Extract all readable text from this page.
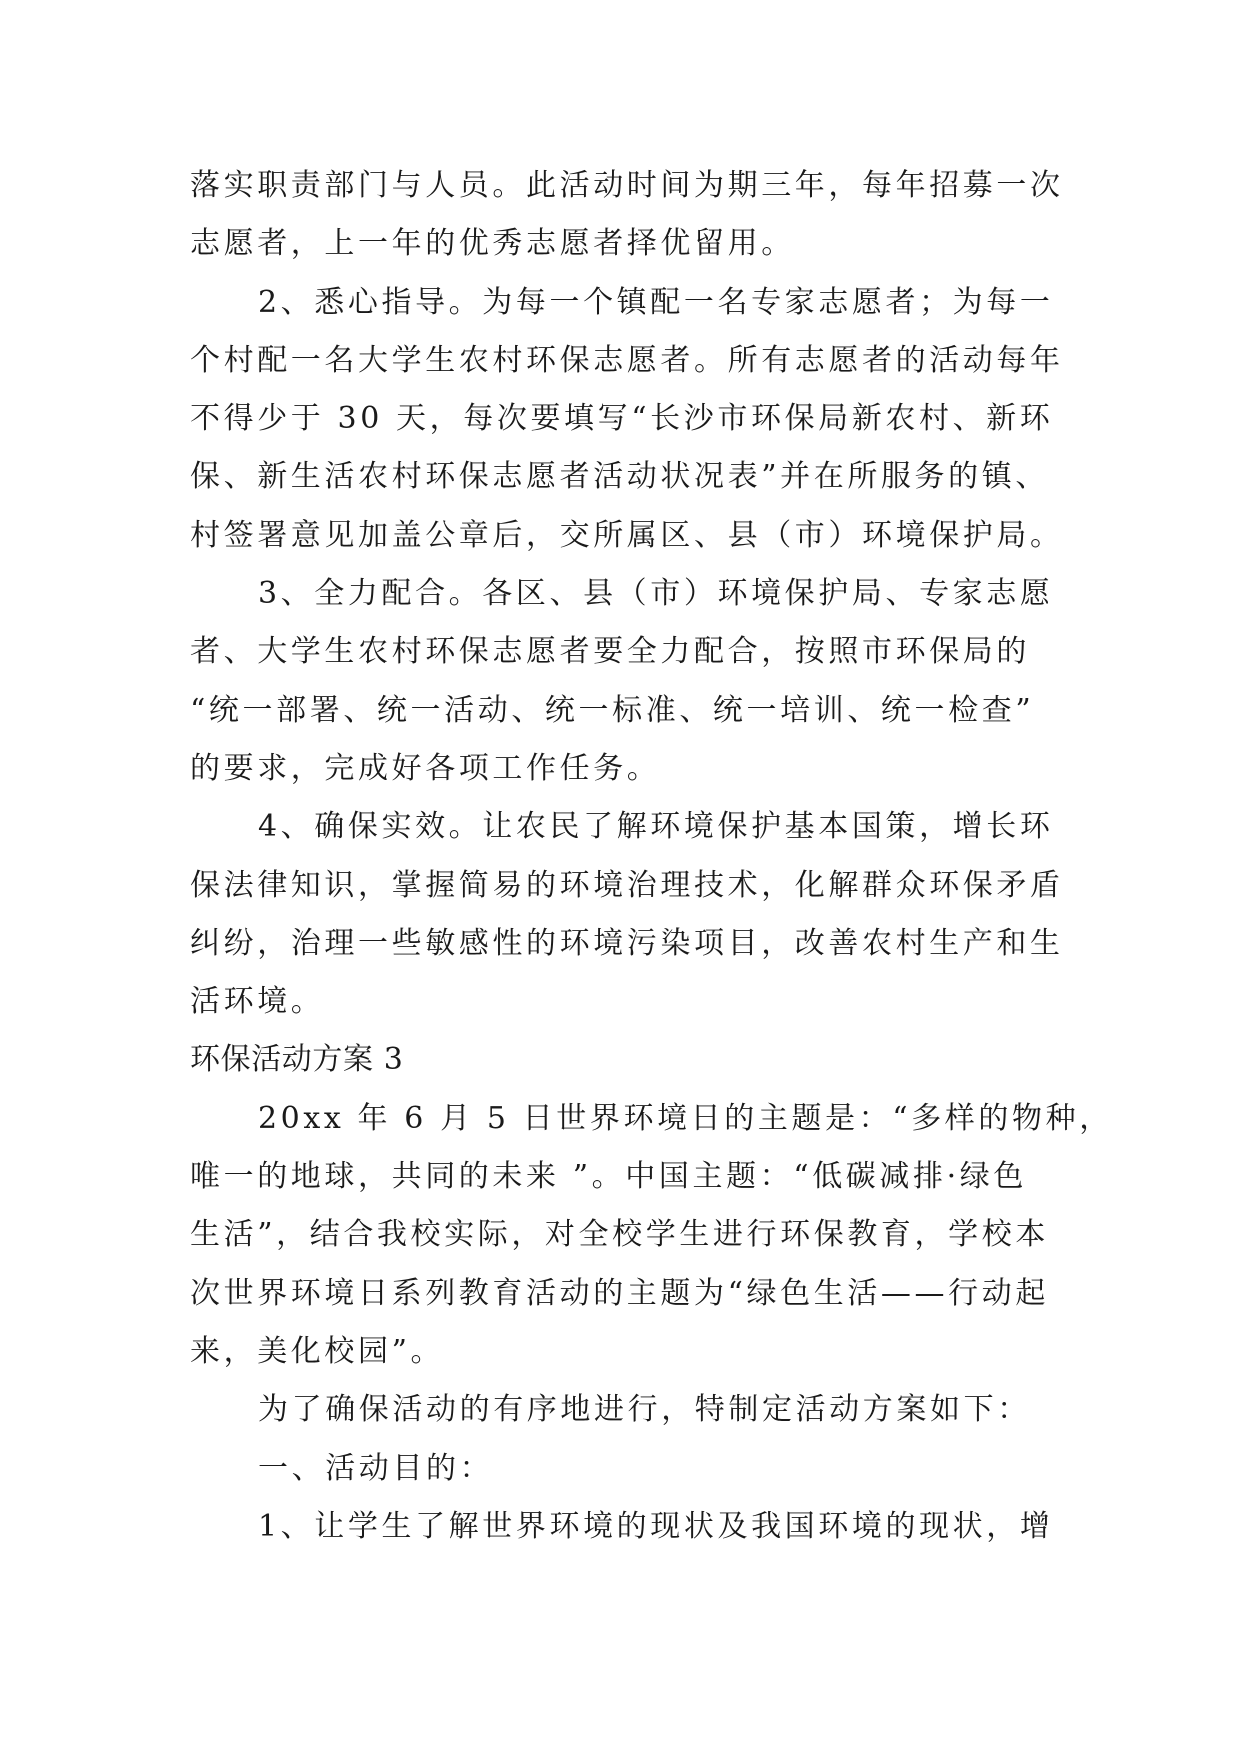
落实职责部门与人员。此活动时间为期三年，每年招募一次
志愿者，上一年的优秀志愿者择优留用。
2、悉心指导。为每一个镇配一名专家志愿者；为每一
个村配一名大学生农村环保志愿者。所有志愿者的活动每年
不得少于 30 天，每次要填写“长沙市环保局新农村、新环
保、新生活农村环保志愿者活动状况表”并在所服务的镇、
村签署意见加盖公章后，交所属区、县（市）环境保护局。
3、全力配合。各区、县（市）环境保护局、专家志愿
者、大学生农村环保志愿者要全力配合，按照市环保局的
“统一部署、统一活动、统一标准、统一培训、统一检查”
的要求，完成好各项工作任务。
4、确保实效。让农民了解环境保护基本国策，增长环
保法律知识，掌握简易的环境治理技术，化解群众环保矛盾
纠纷，治理一些敏感性的环境污染项目，改善农村生产和生
活环境。
环保活动方案 3
20xx 年 6 月 5 日世界环境日的主题是：“多样的物种，
唯一的地球，共同的未来 ”。中国主题：“低碳减排·绿色
生活”，结合我校实际，对全校学生进行环保教育，学校本
次世界环境日系列教育活动的主题为“绿色生活——行动起
来，美化校园”。
为了确保活动的有序地进行，特制定活动方案如下：
一、活动目的：
1、让学生了解世界环境的现状及我国环境的现状，增
